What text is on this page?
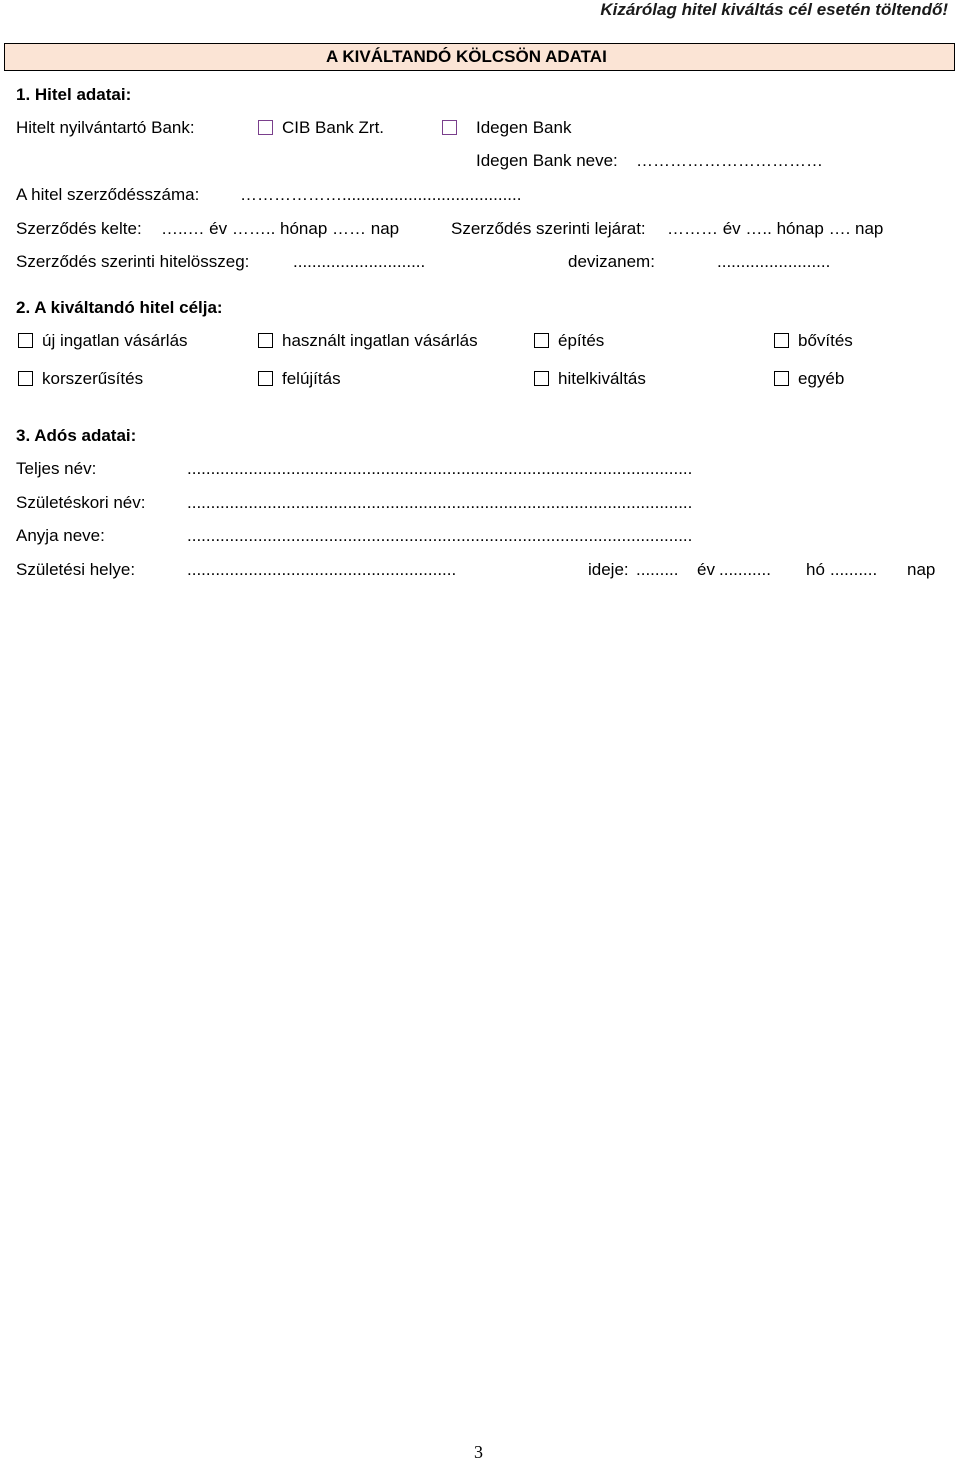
Kizárólag hitel kiváltás cél esetén töltendő!
A KIVÁLTANDÓ KÖLCSÖN ADATAI
1. Hitel adatai:
Hitelt nyilvántartó Bank:	CIB Bank Zrt.	Idegen Bank
Idegen Bank neve: ……………………………
A hitel szerződésszáma: ………………......................................
Szerződés kelte: …..… év …….. hónap …… nap	Szerződés szerinti lejárat: ……… év ….. hónap …. nap
Szerződés szerinti hitelösszeg:	............................	devizanem:	........................
2. A kiváltandó hitel célja:
új ingatlan vásárlás	használt ingatlan vásárlás	építés	bővítés
korszerűsítés	felújítás	hitelkiváltás	egyéb
3. Adós adatai:
Teljes név:	...........................................................................................................
Születéskori név: ...........................................................................................................
Anyja neve:	...........................................................................................................
Születési helye:	.........................................................	ideje: ......... év ........... hó .......... nap
3
